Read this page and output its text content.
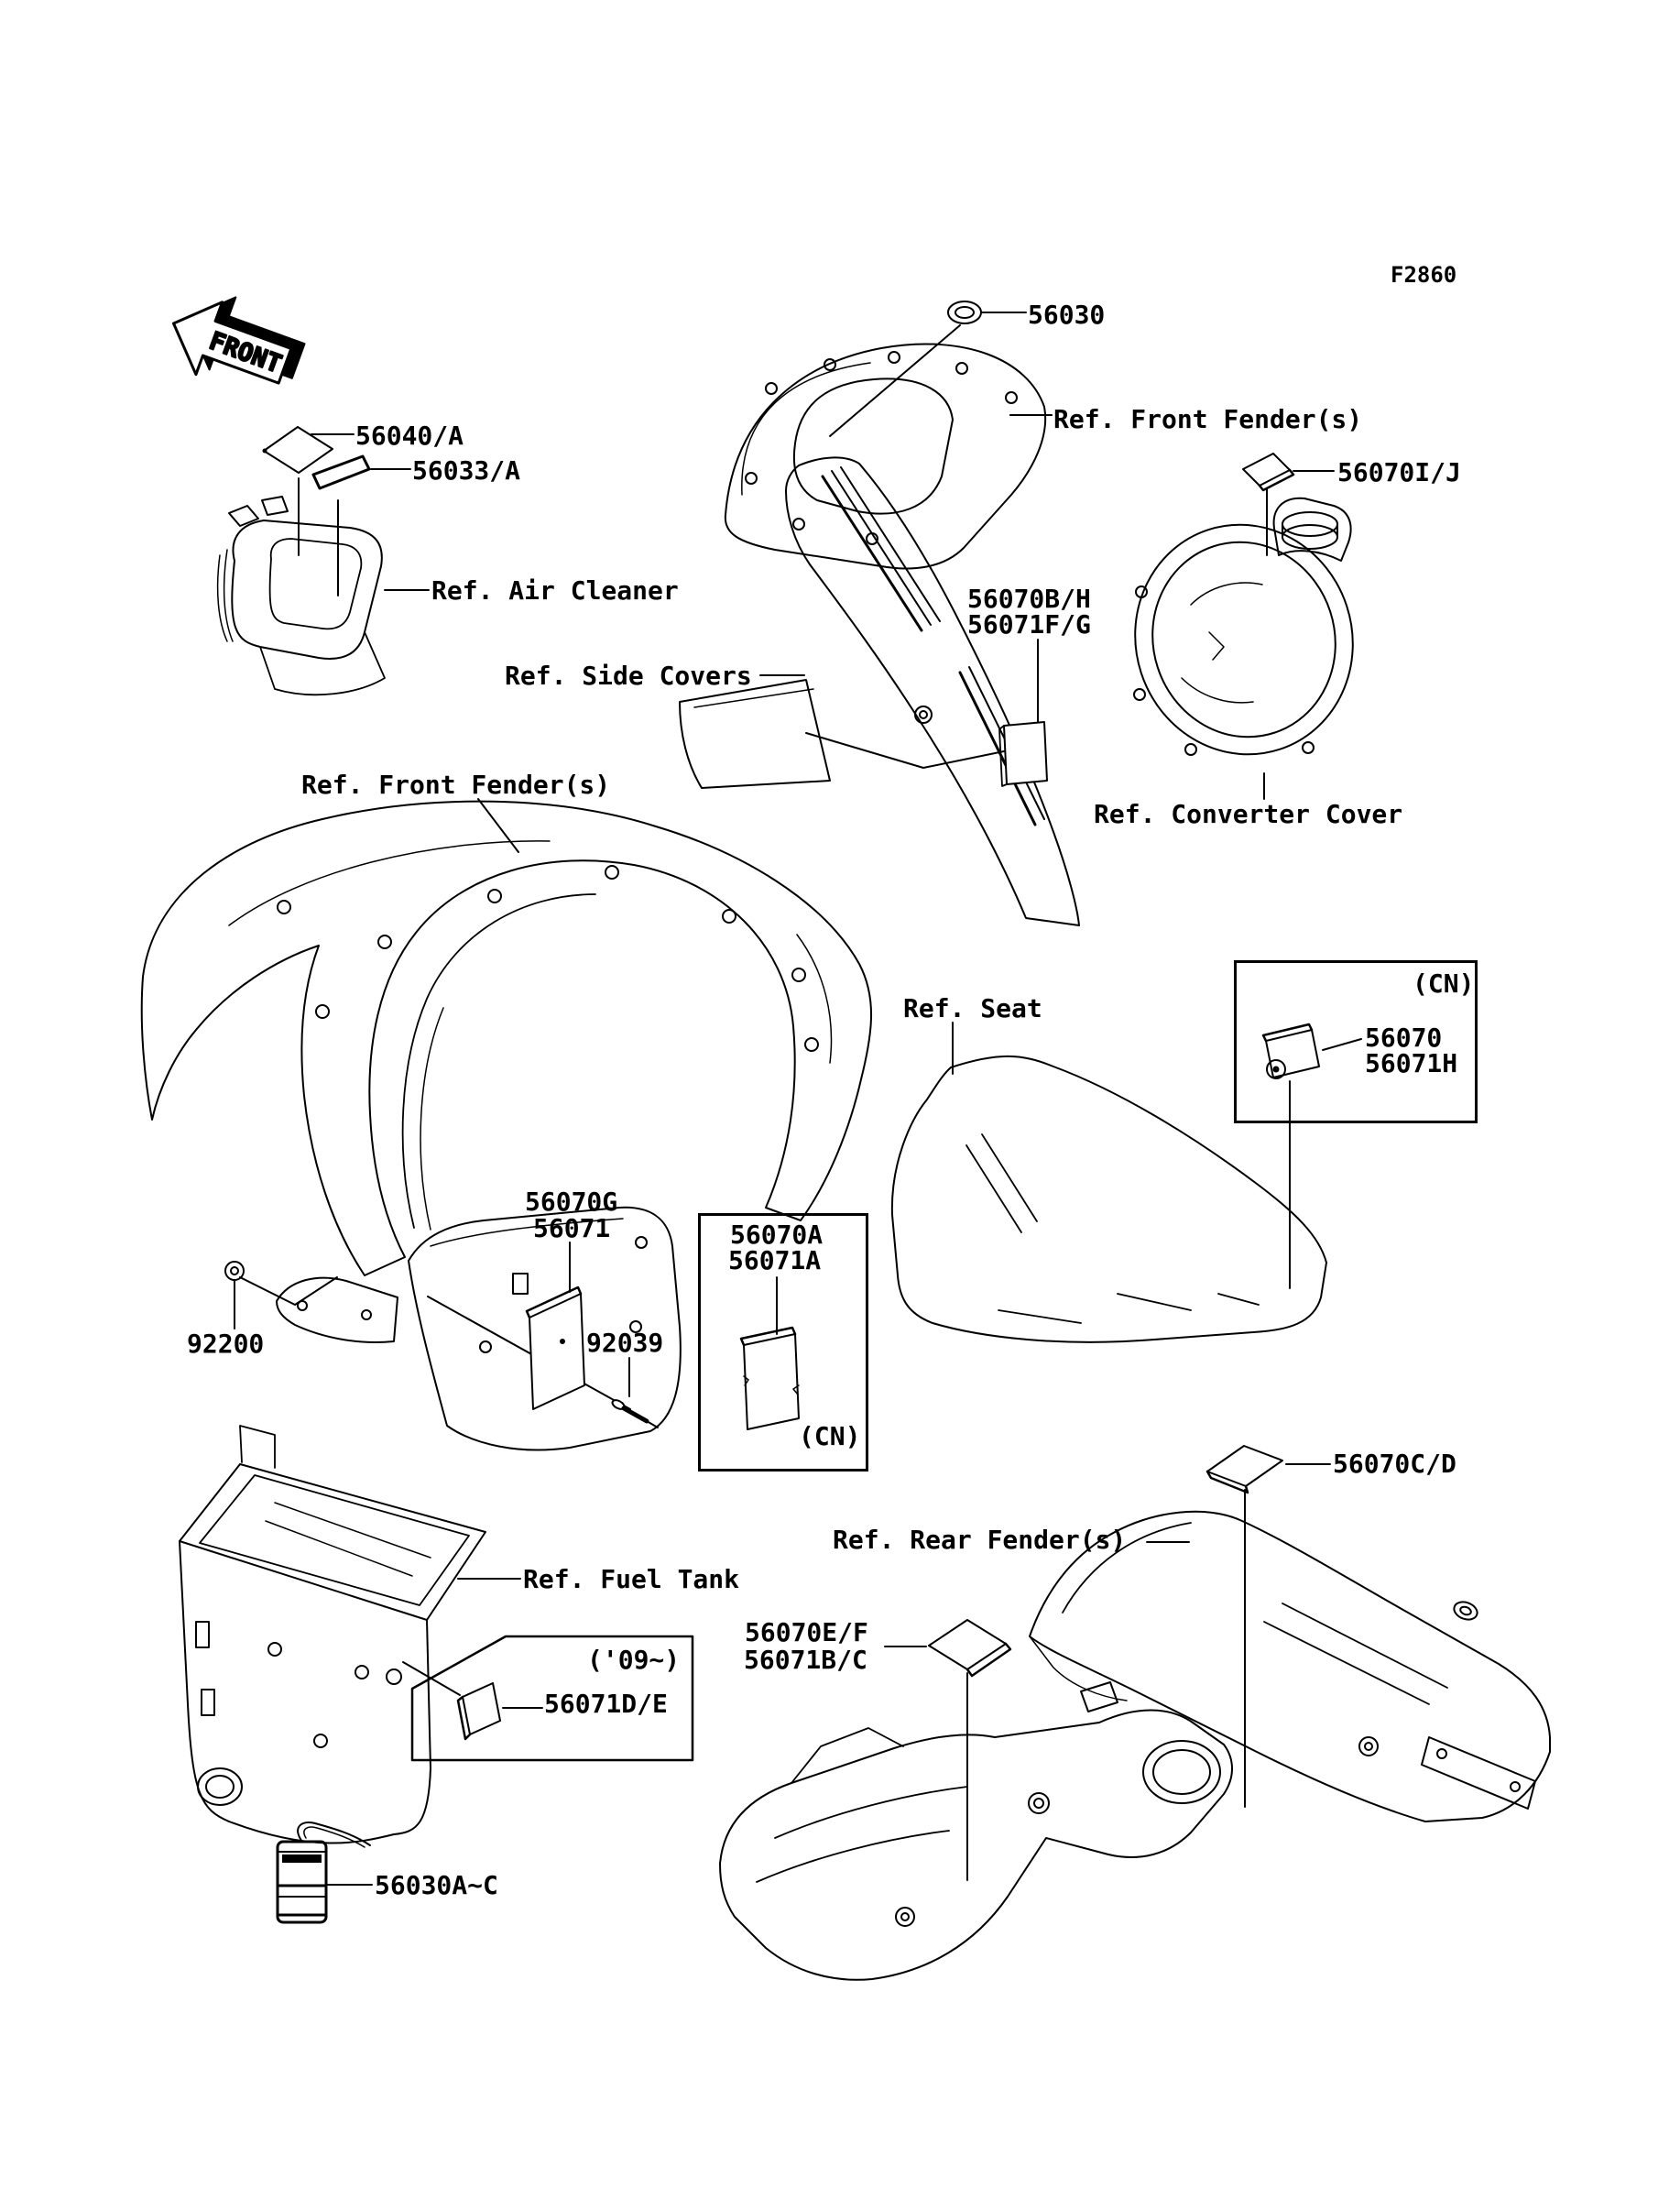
FRONT
F2860
56030
Ref. Front Fender(s)
56070I/J
56040/A
56033/A
Ref. Air Cleaner
Ref. Side Covers
56070B/H
56071F/G
Ref. Converter Cover
Ref. Front Fender(s)
Ref. Seat
(CN)
56070
56071H
56070G
56071
92200	92039
56070A
56071A
(CN)
Ref. Fuel Tank
('09~)
56071D/E
56030A~C
Ref. Rear Fender(s)
56070C/D
56070E/F
56071B/C
